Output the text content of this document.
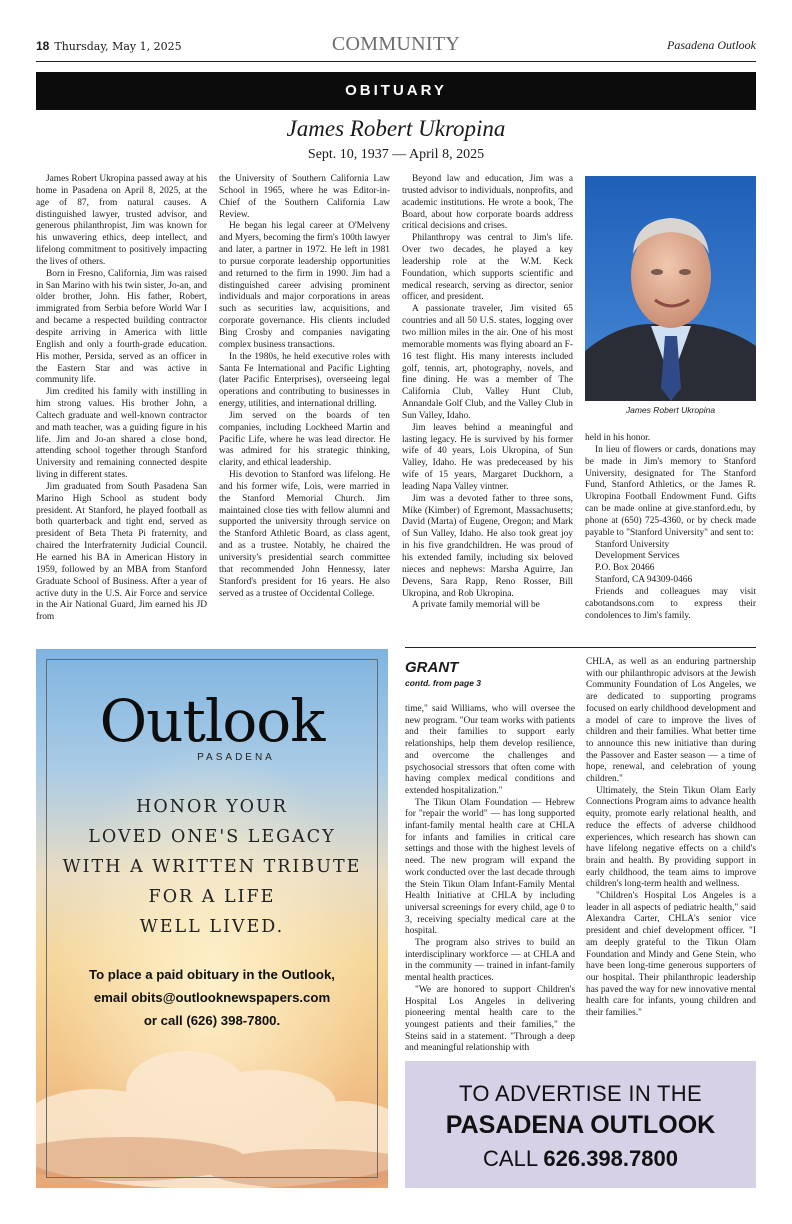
18 Thursday, May 1, 2025	COMMUNITY	Pasadena Outlook
OBITUARY
James Robert Ukropina
Sept. 10, 1937 — April 8, 2025

James Robert Ukropina passed away at his home in Pasadena on April 8, 2025, at the age of 87, from natural causes. A distinguished lawyer, trusted advisor, and generous philanthropist, Jim was known for his unwavering ethics, deep intellect, and lifelong commitment to positively impacting the lives of others.

Born in Fresno, California, Jim was raised in San Marino with his twin sister, Jo-an, and older brother, John. His father, Robert, immigrated from Serbia before World War I and became a respected building contractor despite arriving in America with little English and only a fourth-grade education. His mother, Persida, served as an officer in the Eastern Star and was active in community life.

Jim credited his family with instilling in him strong values. His brother John, a Caltech graduate and well-known contractor and math teacher, was a guiding figure in his life. Jim and Jo-an shared a close bond, attending school together through Stanford University and remaining connected despite living in different states.

Jim graduated from South Pasadena San Marino High School as student body president. At Stanford, he played football as both quarterback and tight end, served as president of Beta Theta Pi fraternity, and chaired the Interfraternity Judicial Council. He earned his BA in American History in 1959, followed by an MBA from Stanford Graduate School of Business. After a year of active duty in the U.S. Air Force and service in the Air National Guard, Jim earned his JD from

the University of Southern California Law School in 1965, where he was Editor-in-Chief of the Southern California Law Review.

He began his legal career at O'Melveny and Myers, becoming the firm's 100th lawyer and later, a partner in 1972. He left in 1981 to pursue corporate leadership opportunities and returned to the firm in 1990. Jim had a distinguished career advising prominent individuals and major corporations in areas such as securities law, acquisitions, and corporate governance. His clients included Bing Crosby and companies navigating complex business transactions.

In the 1980s, he held executive roles with Santa Fe International and Pacific Lighting (later Pacific Enterprises), overseeing legal operations and contributing to businesses in energy, utilities, and international drilling.

Jim served on the boards of ten companies, including Lockheed Martin and Pacific Life, where he was lead director. He was admired for his strategic thinking, clarity, and ethical leadership.

His devotion to Stanford was lifelong. He and his former wife, Lois, were married in the Stanford Memorial Church. Jim maintained close ties with fellow alumni and supported the university through service on the Stanford Athletic Board, as class agent, and as a trustee. Notably, he chaired the university's presidential search committee that recommended John Hennessy, later Stanford's president for 16 years. He also served as a trustee of Occidental College.

Beyond law and education, Jim was a trusted advisor to individuals, nonprofits, and academic institutions. He wrote a book, The Board, about how corporate boards address critical decisions and crises.

Philanthropy was central to Jim's life. Over two decades, he played a key leadership role at the W.M. Keck Foundation, which supports scientific and medical research, serving as director, senior officer, and president.

A passionate traveler, Jim visited 65 countries and all 50 U.S. states, logging over two million miles in the air. One of his most memorable moments was flying aboard an F-16 test flight. His many interests included golf, tennis, art, photography, novels, and fine dining. He was a member of The California Club, Valley Hunt Club, Annandale Golf Club, and the Valley Club in Sun Valley, Idaho.

Jim leaves behind a meaningful and lasting legacy. He is survived by his former wife of 40 years, Lois Ukropina, of Sun Valley, Idaho. He was predeceased by his wife of 15 years, Margaret Duckhorn, a leading Napa Valley vintner.

Jim was a devoted father to three sons, Mike (Kimber) of Egremont, Massachusetts; David (Marta) of Eugene, Oregon; and Mark of Sun Valley, Idaho. He also took great joy in his five grandchildren. He was proud of his extended family, including six beloved nieces and nephews: Marsha Aguirre, Jan Devens, Sara Rapp, Reno Rosser, Bill Ukropina, and Rob Ukropina.

A private family memorial will be

James Robert Ukropina

held in his honor.

In lieu of flowers or cards, donations may be made in Jim's memory to Stanford University, designated for The Stanford Fund, Stanford Athletics, or the James R. Ukropina Football Endowment Fund. Gifts can be made online at give.stanford.edu, by phone at (650) 725-4360, or by check made payable to "Stanford University" and sent to:

Stanford University

Development Services

P.O. Box 20466

Stanford, CA 94309-0466

Friends and colleagues may visit cabotandsons.com to express their condolences to Jim's family.

Outlook
PASADENA
HONOR YOUR
LOVED ONE'S LEGACY
WITH A WRITTEN TRIBUTE
FOR A LIFE
WELL LIVED.
To place a paid obituary in the Outlook,
email obits@outlooknewspapers.com
or call (626) 398-7800.
GRANT
contd. from page 3

time," said Williams, who will oversee the new program. "Our team works with patients and their families to support early relationships, help them develop resilience, and overcome the challenges and psychosocial stressors that often come with having complex medical conditions and extended hospitalization."

The Tikun Olam Foundation — Hebrew for "repair the world" — has long supported infant-family mental health care at CHLA for infants and families in critical care settings and those with the highest levels of need. The new program will expand the work conducted over the last decade through the Stein Tikun Olam Infant-Family Mental Health Initiative at CHLA by including universal screenings for every child, age 0 to 3, receiving specialty medical care at the hospital.

The program also strives to build an interdisciplinary workforce — at CHLA and in the community — trained in infant-family mental health practices.

"We are honored to support Children's Hospital Los Angeles in delivering pioneering mental health care to the youngest patients and their families," the Steins said in a statement. "Through a deep and meaningful relationship with

CHLA, as well as an enduring partnership with our philanthropic advisors at the Jewish Community Foundation of Los Angeles, we are dedicated to supporting programs focused on early childhood development and a model of care to improve the lives of children and their families. What better time to announce this new initiative than during the Passover and Easter season — a time of hope, renewal, and celebration of young children."

Ultimately, the Stein Tikun Olam Early Connections Program aims to advance health equity, promote early relational health, and reduce the effects of adverse childhood experiences, which research has shown can have lifelong negative effects on a child's brain and health. By providing support in early childhood, the team aims to improve children's long-term health and wellness.

"Children's Hospital Los Angeles is a leader in all aspects of pediatric health," said Alexandra Carter, CHLA's senior vice president and chief development officer. "I am deeply grateful to the Tikun Olam Foundation and Mindy and Gene Stein, who have been long-time generous supporters of our hospital. Their philanthropic leadership has paved the way for new innovative mental health care for infants, young children and their families."

TO ADVERTISE IN THE
PASADENA OUTLOOK
CALL 626.398.7800
